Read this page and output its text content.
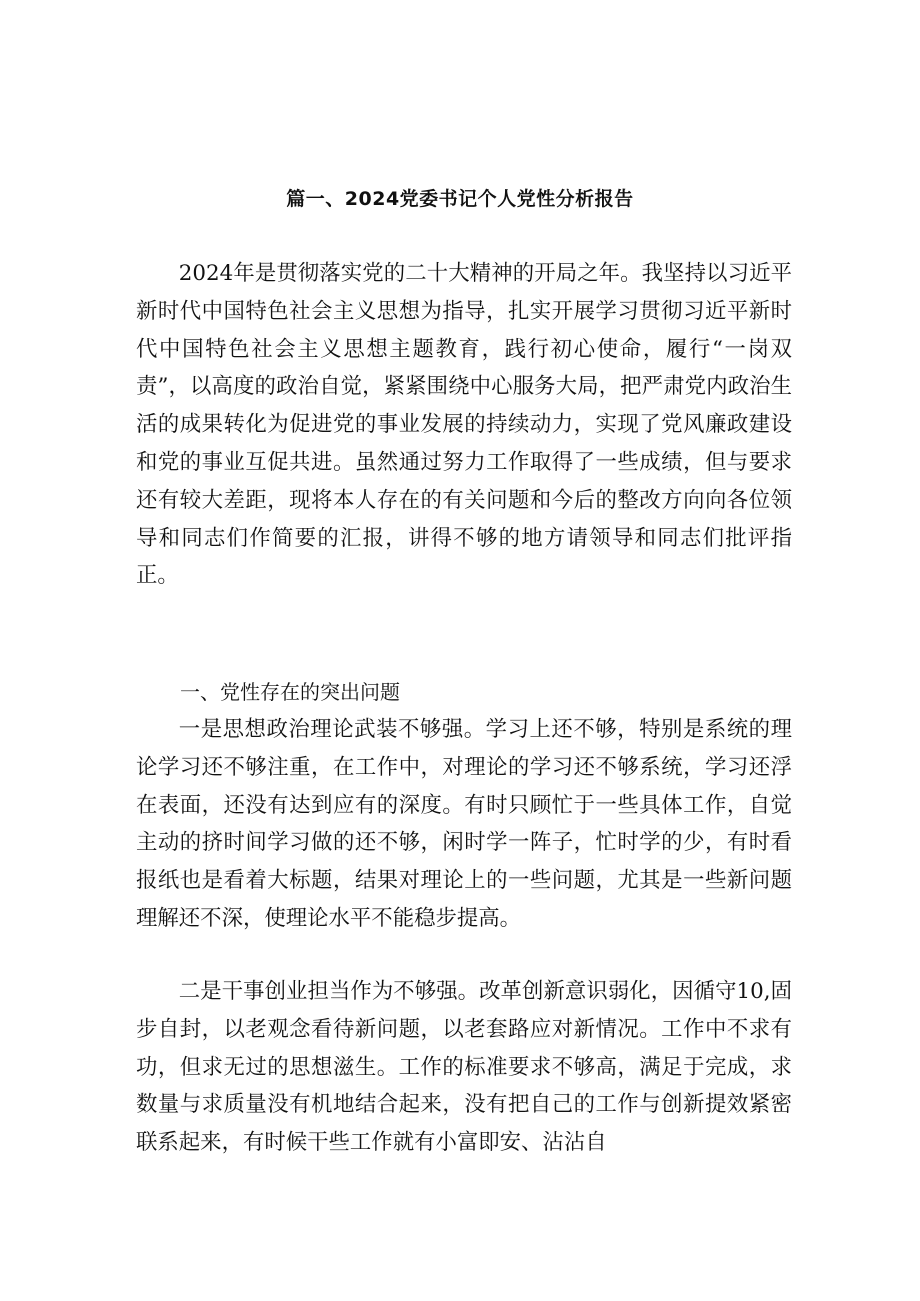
篇一、2024党委书记个人党性分析报告

2024年是贯彻落实党的二十大精神的开局之年。我坚持以习近平新时代中国特色社会主义思想为指导，扎实开展学习贯彻习近平新时代中国特色社会主义思想主题教育，践行初心使命，履行“一岗双责”，以高度的政治自觉，紧紧围绕中心服务大局，把严肃党内政治生活的成果转化为促进党的事业发展的持续动力，实现了党风廉政建设和党的事业互促共进。虽然通过努力工作取得了一些成绩，但与要求还有较大差距，现将本人存在的有关问题和今后的整改方向向各位领导和同志们作简要的汇报，讲得不够的地方请领导和同志们批评指正。

一、党性存在的突出问题

一是思想政治理论武装不够强。学习上还不够，特别是系统的理论学习还不够注重，在工作中，对理论的学习还不够系统，学习还浮在表面，还没有达到应有的深度。有时只顾忙于一些具体工作，自觉主动的挤时间学习做的还不够，闲时学一阵子，忙时学的少，有时看报纸也是看着大标题，结果对理论上的一些问题，尤其是一些新问题理解还不深，使理论水平不能稳步提高。

二是干事创业担当作为不够强。改革创新意识弱化，因循守10,固步自封，以老观念看待新问题，以老套路应对新情况。工作中不求有功，但求无过的思想滋生。工作的标准要求不够高，满足于完成，求数量与求质量没有机地结合起来，没有把自己的工作与创新提效紧密联系起来，有时候干些工作就有小富即安、沾沾自
